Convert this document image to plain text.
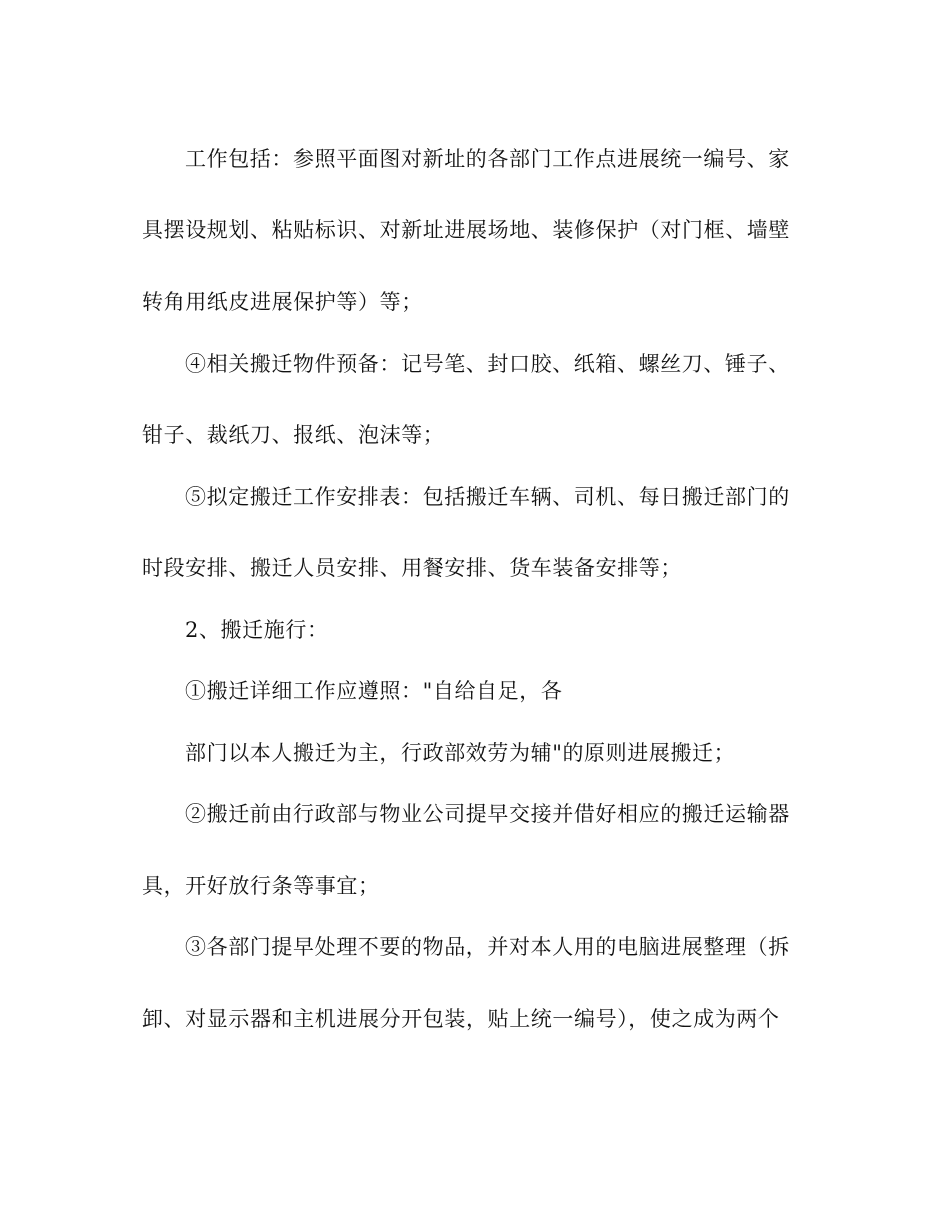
工作包括：参照平面图对新址的各部门工作点进展统一编号、家
具摆设规划、粘贴标识、对新址进展场地、装修保护（对门框、墙壁
转角用纸皮进展保护等）等；
④相关搬迁物件预备：记号笔、封口胶、纸箱、螺丝刀、锤子、
钳子、裁纸刀、报纸、泡沫等；
⑤拟定搬迁工作安排表：包括搬迁车辆、司机、每日搬迁部门的
时段安排、搬迁人员安排、用餐安排、货车装备安排等；
2、搬迁施行：
①搬迁详细工作应遵照："自给自足，各
部门以本人搬迁为主，行政部效劳为辅"的原则进展搬迁；
②搬迁前由行政部与物业公司提早交接并借好相应的搬迁运输器
具，开好放行条等事宜；
③各部门提早处理不要的物品，并对本人用的电脑进展整理（拆
卸、对显示器和主机进展分开包装，贴上统一编号），使之成为两个
